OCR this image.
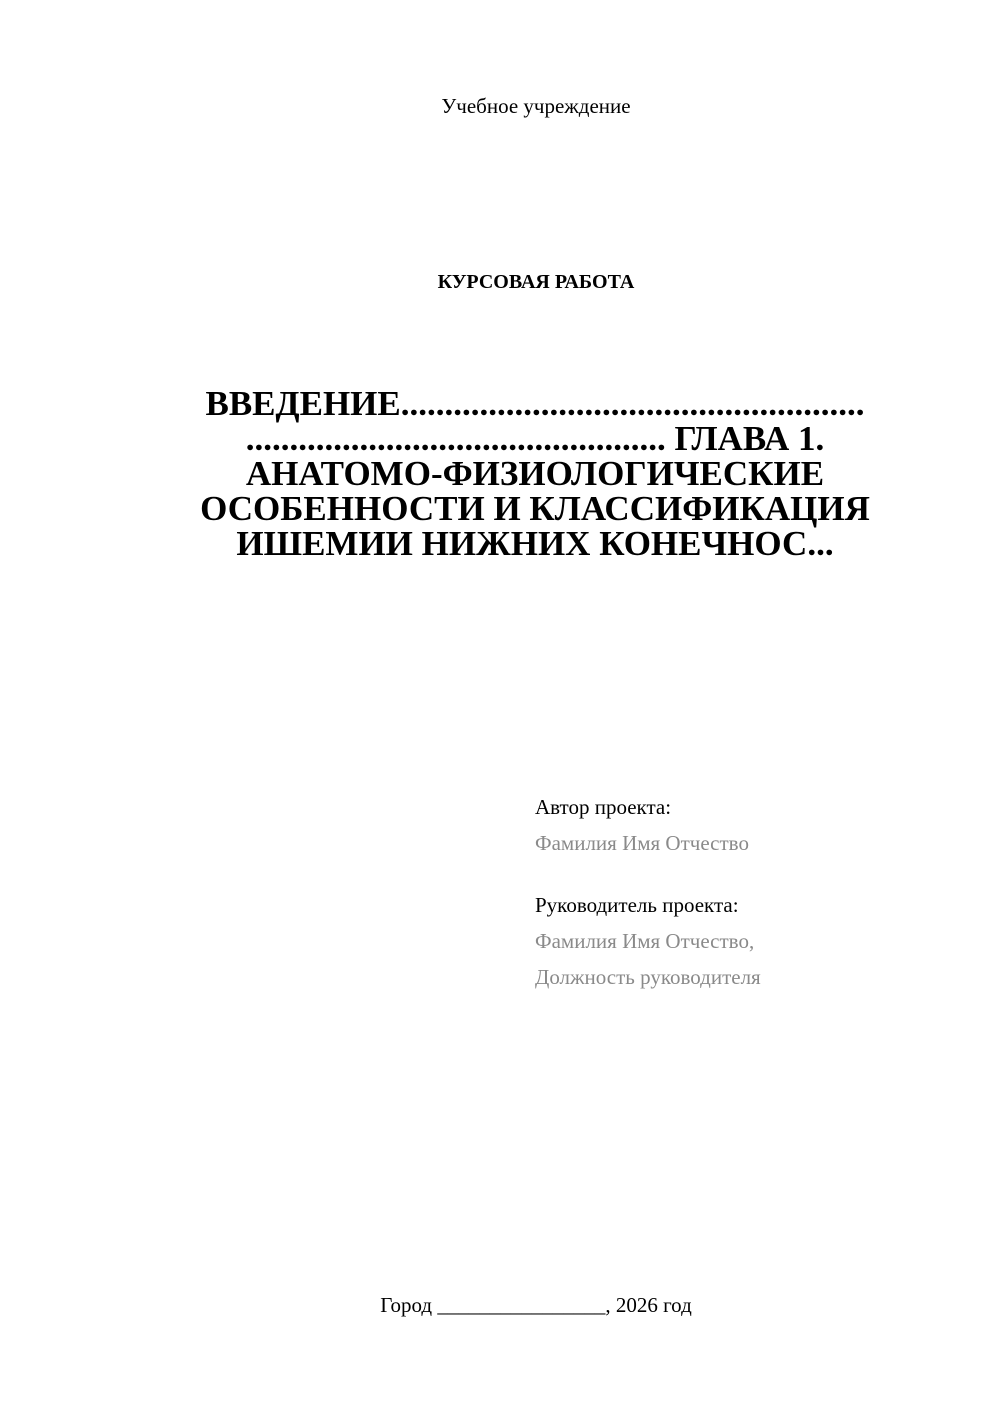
Учебное учреждение
КУРСОВАЯ РАБОТА
ВВЕДЕНИЕ.....................................................
................................................ ГЛАВА 1.
АНАТОМО-ФИЗИОЛОГИЧЕСКИЕ
ОСОБЕННОСТИ И КЛАССИФИКАЦИЯ
ИШЕМИИ НИЖНИХ КОНЕЧНОС...
Автор проекта:
Фамилия Имя Отчество
Руководитель проекта:
Фамилия Имя Отчество,
Должность руководителя
Город ________________, 2026 год
